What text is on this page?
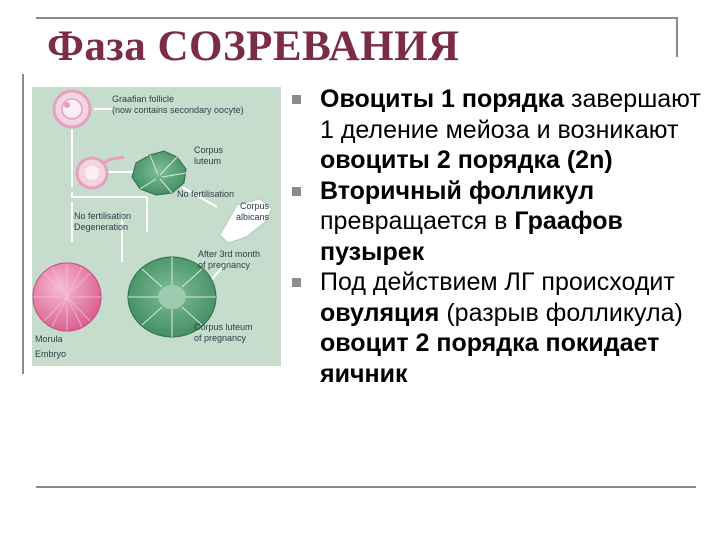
Фаза СОЗРЕВАНИЯ
Graafian follicle
(now contains secondary oocyte)
Corpus
luteum
No fertilisation
Corpus
albicans
No fertilisation
Degeneration
After 3rd month
of pregnancy
Corpus luteum
of pregnancy
Morula
Embryo
Овоциты 1 порядка завершают 1 деление мейоза и возникают овоциты 2 порядка (2n)
Вторичный фолликул превращается в Граафов пузырек
Под действием ЛГ происходит овуляция (разрыв фолликула) овоцит 2 порядка покидает яичник
